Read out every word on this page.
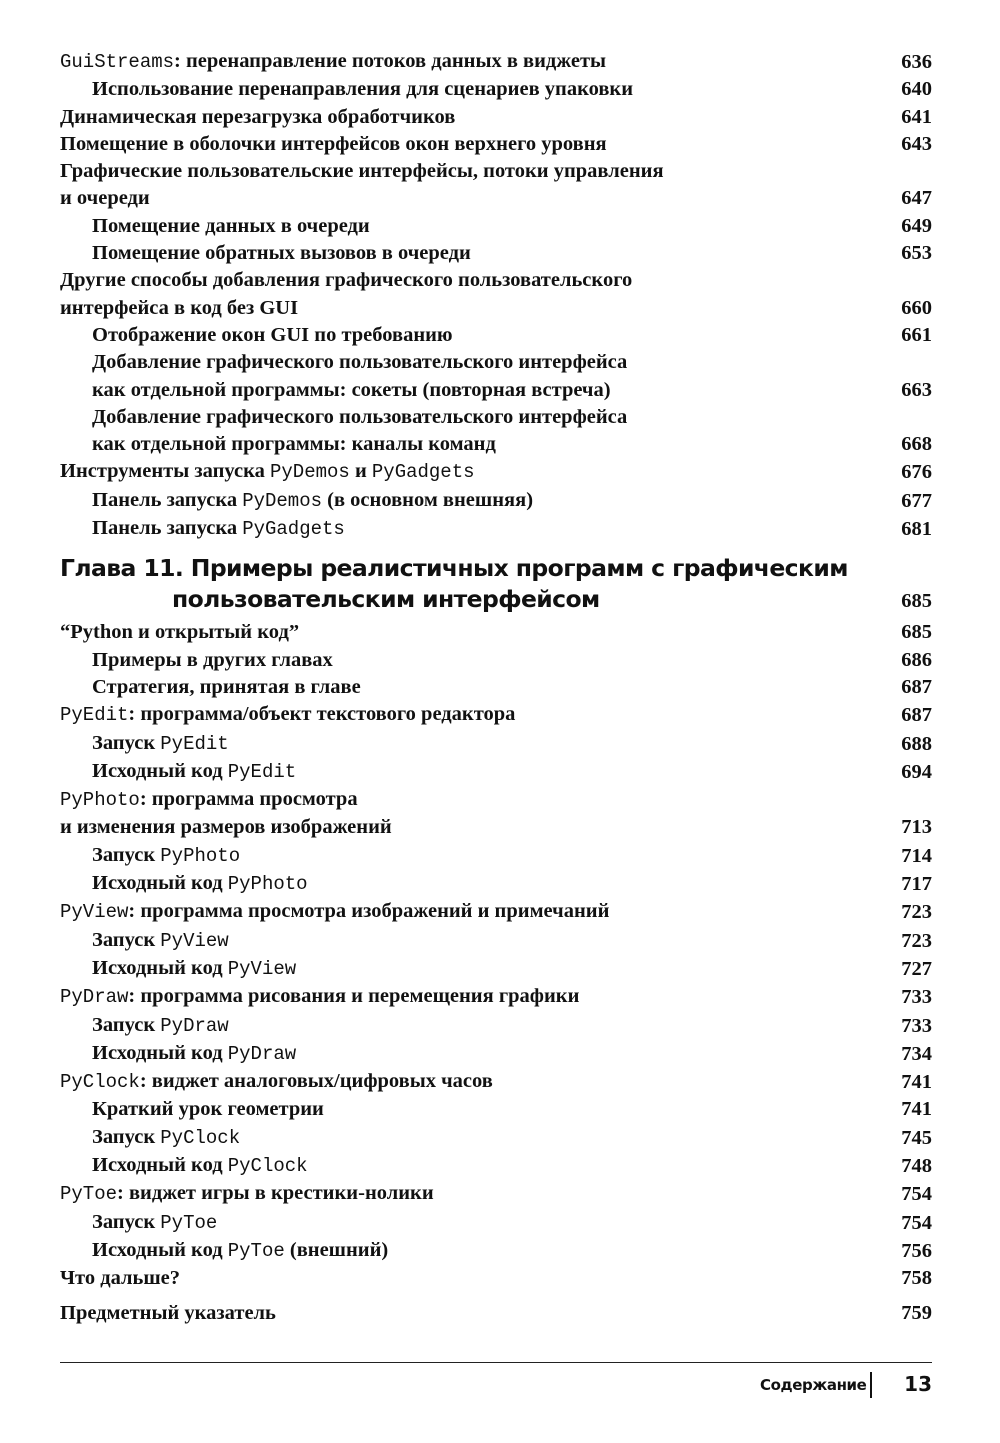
GuiStreams: перенаправление потоков данных в виджеты	636
Использование перенаправления для сценариев упаковки	640
Динамическая перезагрузка обработчиков	641
Помещение в оболочки интерфейсов окон верхнего уровня	643
Графические пользовательские интерфейсы, потоки управления
и очереди	647
Помещение данных в очереди	649
Помещение обратных вызовов в очереди	653
Другие способы добавления графического пользовательского
интерфейса в код без GUI	660
Отображение окон GUI по требованию	661
Добавление графического пользовательского интерфейса
как отдельной программы: сокеты (повторная встреча)	663
Добавление графического пользовательского интерфейса
как отдельной программы: каналы команд	668
Инструменты запуска PyDemos и PyGadgets	676
Панель запуска PyDemos (в основном внешняя)	677
Панель запуска PyGadgets	681
Глава 11. Примеры реалистичных программ с графическим
пользовательским интерфейсом	685
“Python и открытый код”	685
Примеры в других главах	686
Стратегия, принятая в главе	687
PyEdit: программа/объект текстового редактора	687
Запуск PyEdit	688
Исходный код PyEdit	694
PyPhoto: программа просмотра
и изменения размеров изображений	713
Запуск PyPhoto	714
Исходный код PyPhoto	717
PyView: программа просмотра изображений и примечаний	723
Запуск PyView	723
Исходный код PyView	727
PyDraw: программа рисования и перемещения графики	733
Запуск PyDraw	733
Исходный код PyDraw	734
PyClock: виджет аналоговых/цифровых часов	741
Краткий урок геометрии	741
Запуск PyClock	745
Исходный код PyClock	748
PyToe: виджет игры в крестики-нолики	754
Запуск PyToe	754
Исходный код PyToe (внешний)	756
Что дальше?	758
Предметный указатель	759
Содержание	13
